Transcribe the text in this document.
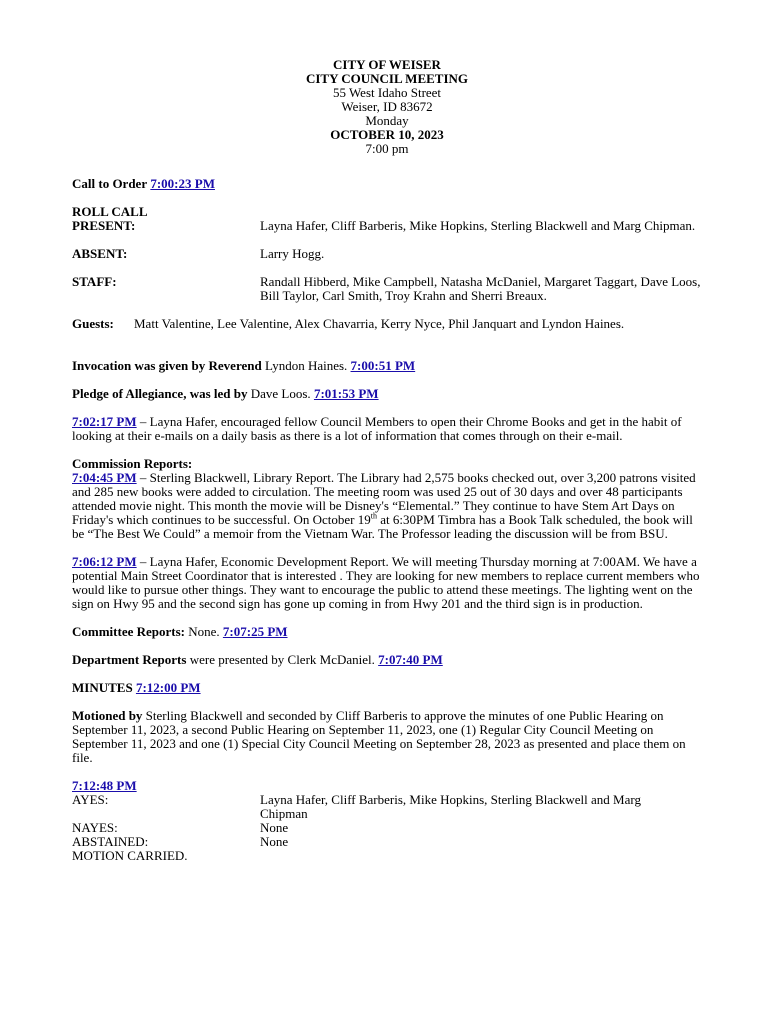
CITY OF WEISER
CITY COUNCIL MEETING
55 West Idaho Street
Weiser, ID 83672
Monday
OCTOBER 10, 2023
7:00 pm

Call to Order 7:00:23 PM

ROLL CALL
PRESENT:	Layna Hafer, Cliff Barberis, Mike Hopkins, Sterling Blackwell and Marg Chipman.
ABSENT:	Larry Hogg.
STAFF:	Randall Hibberd, Mike Campbell, Natasha McDaniel, Margaret Taggart, Dave Loos, Bill Taylor, Carl Smith, Troy Krahn and Sherri Breaux.
Guests:	Matt Valentine, Lee Valentine, Alex Chavarria, Kerry Nyce, Phil Janquart and Lyndon Haines.

Invocation was given by Reverend Lyndon Haines. 7:00:51 PM

Pledge of Allegiance, was led by Dave Loos. 7:01:53 PM

7:02:17 PM – Layna Hafer, encouraged fellow Council Members to open their Chrome Books and get in the habit of looking at their e-mails on a daily basis as there is a lot of information that comes through on their e-mail.

Commission Reports:

7:04:45 PM – Sterling Blackwell, Library Report. The Library had 2,575 books checked out, over 3,200 patrons visited and 285 new books were added to circulation. The meeting room was used 25 out of 30 days and over 48 participants attended movie night. This month the movie will be Disney's “Elemental.” They continue to have Stem Art Days on Friday's which continues to be successful. On October 19th at 6:30PM Timbra has a Book Talk scheduled, the book will be “The Best We Could” a memoir from the Vietnam War. The Professor leading the discussion will be from BSU.

7:06:12 PM – Layna Hafer, Economic Development Report. We will meeting Thursday morning at 7:00AM. We have a potential Main Street Coordinator that is interested . They are looking for new members to replace current members who would like to pursue other things. They want to encourage the public to attend these meetings. The lighting went on the sign on Hwy 95 and the second sign has gone up coming in from Hwy 201 and the third sign is in production.

Committee Reports: None. 7:07:25 PM

Department Reports were presented by Clerk McDaniel. 7:07:40 PM

MINUTES 7:12:00 PM

Motioned by Sterling Blackwell and seconded by Cliff Barberis to approve the minutes of one Public Hearing on September 11, 2023, a second Public Hearing on September 11, 2023, one (1) Regular City Council Meeting on September 11, 2023 and one (1) Special City Council Meeting on September 28, 2023 as presented and place them on file.

7:12:48 PM
AYES:	Layna Hafer, Cliff Barberis, Mike Hopkins, Sterling Blackwell and Marg Chipman
NAYES:	None
ABSTAINED:	None
MOTION CARRIED.
